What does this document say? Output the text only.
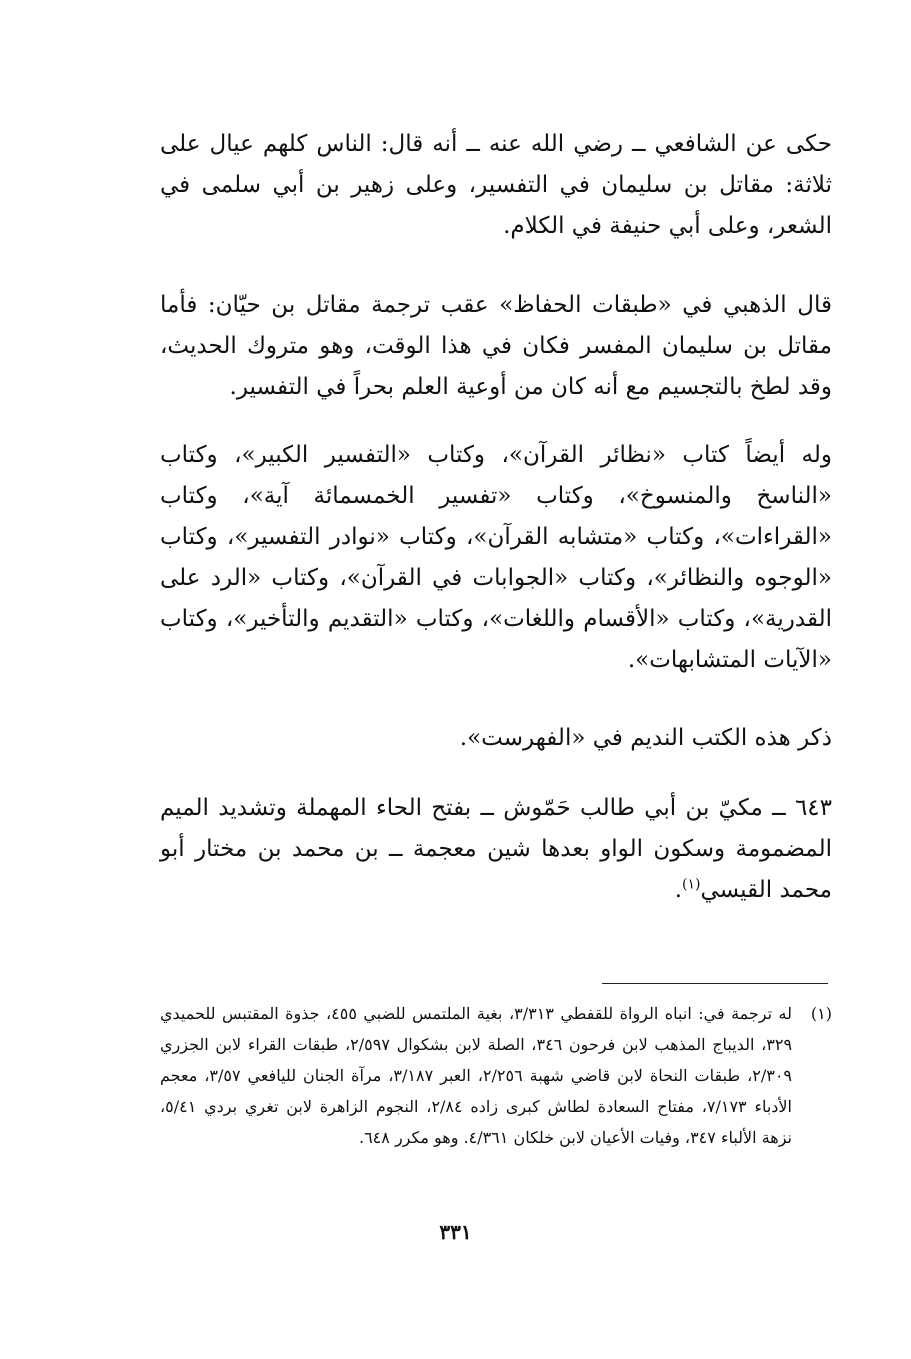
حكى عن الشافعي ــ رضي الله عنه ــ أنه قال: الناس كلهم عيال على ثلاثة: مقاتل بن سليمان في التفسير، وعلى زهير بن أبي سلمى في الشعر، وعلى أبي حنيفة في الكلام.

قال الذهبي في «طبقات الحفاظ» عقب ترجمة مقاتل بن حيّان: فأما مقاتل بن سليمان المفسر فكان في هذا الوقت، وهو متروك الحديث، وقد لطخ بالتجسيم مع أنه كان من أوعية العلم بحراً في التفسير.

وله أيضاً كتاب «نظائر القرآن»، وكتاب «التفسير الكبير»، وكتاب «الناسخ والمنسوخ»، وكتاب «تفسير الخمسمائة آية»، وكتاب «القراءات»، وكتاب «متشابه القرآن»، وكتاب «نوادر التفسير»، وكتاب «الوجوه والنظائر»، وكتاب «الجوابات في القرآن»، وكتاب «الرد على القدرية»، وكتاب «الأقسام واللغات»، وكتاب «التقديم والتأخير»، وكتاب «الآيات المتشابهات».

ذكر هذه الكتب النديم في «الفهرست».

٦٤٣ ــ مكيّ بن أبي طالب حَمّوش ــ بفتح الحاء المهملة وتشديد الميم المضمومة وسكون الواو بعدها شين معجمة ــ بن محمد بن مختار أبو محمد القيسي$^{(١)}$.

(١)
له ترجمة في: انباه الرواة للقفطي ٣/٣١٣، بغية الملتمس للضبي ٤٥٥، جذوة المقتبس للحميدي ٣٢٩، الديباج المذهب لابن فرحون ٣٤٦، الصلة لابن بشكوال ٢/٥٩٧، طبقات القراء لابن الجزري ٢/٣٠٩، طبقات النحاة لابن قاضي شهبة ٢/٢٥٦، العبر ٣/١٨٧، مرآة الجنان لليافعي ٣/٥٧، معجم الأدباء ٧/١٧٣، مفتاح السعادة لطاش كبرى زاده ٢/٨٤، النجوم الزاهرة لابن تغري بردي ٥/٤١، نزهة الألباء ٣٤٧، وفيات الأعيان لابن خلكان ٤/٣٦١. وهو مكرر ٦٤٨.
٣٣١
